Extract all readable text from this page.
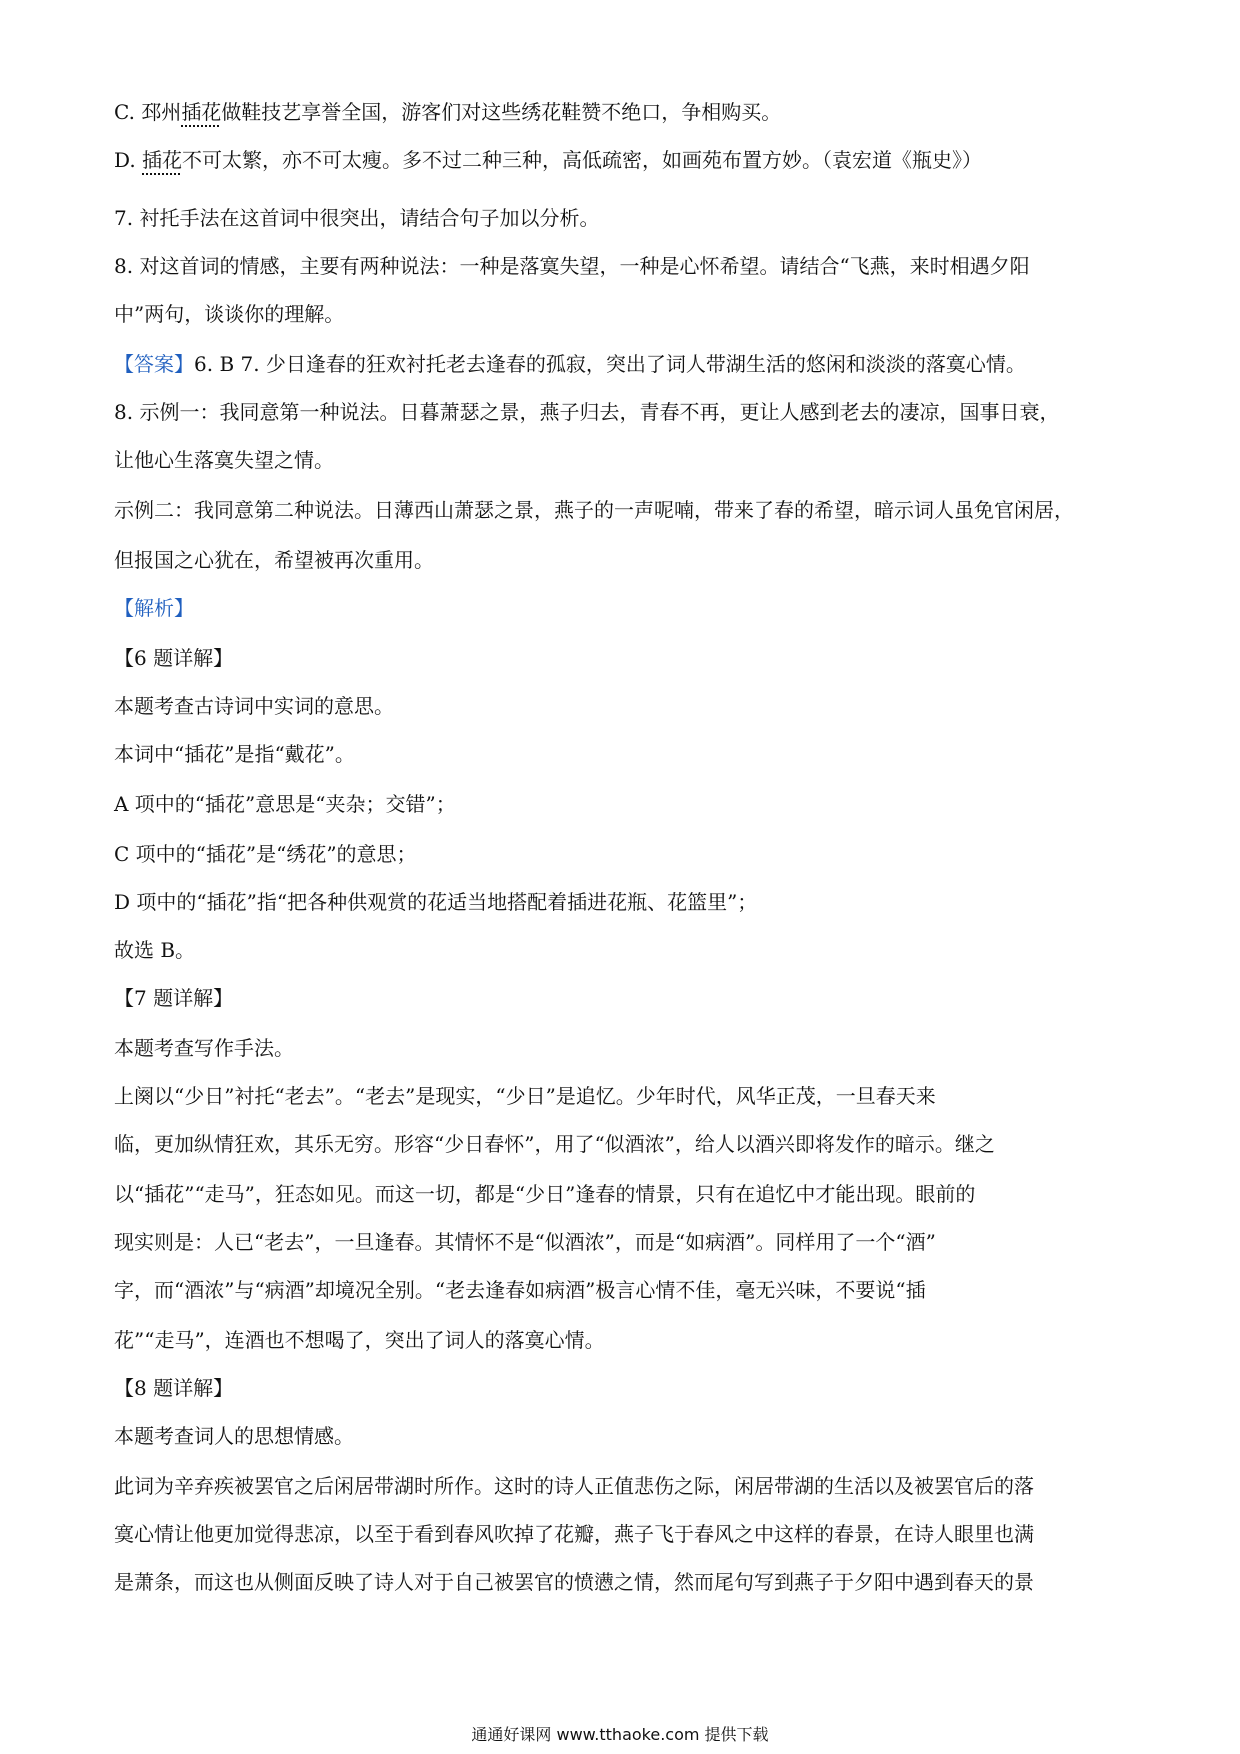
C. 邳州插花做鞋技艺享誉全国，游客们对这些绣花鞋赞不绝口，争相购买。
D. 插花不可太繁，亦不可太瘦。多不过二种三种，高低疏密，如画苑布置方妙。（袁宏道《瓶史》）
7. 衬托手法在这首词中很突出，请结合句子加以分析。
8. 对这首词的情感，主要有两种说法：一种是落寞失望，一种是心怀希望。请结合“飞燕，来时相遇夕阳
中”两句，谈谈你的理解。
【答案】6. B 7. 少日逢春的狂欢衬托老去逢春的孤寂，突出了词人带湖生活的悠闲和淡淡的落寞心情。
8. 示例一：我同意第一种说法。日暮萧瑟之景，燕子归去，青春不再，更让人感到老去的凄凉，国事日衰，
让他心生落寞失望之情。
示例二：我同意第二种说法。日薄西山萧瑟之景，燕子的一声呢喃，带来了春的希望，暗示词人虽免官闲居，
但报国之心犹在，希望被再次重用。
【解析】
【6 题详解】
本题考查古诗词中实词的意思。
本词中“插花”是指“戴花”。
A 项中的“插花”意思是“夹杂；交错”；
C 项中的“插花”是“绣花”的意思；
D 项中的“插花”指“把各种供观赏的花适当地搭配着插进花瓶、花篮里”；
故选 B。
【7 题详解】
本题考查写作手法。
上阕以“少日”衬托“老去”。“老去”是现实，“少日”是追忆。少年时代，风华正茂，一旦春天来
临，更加纵情狂欢，其乐无穷。形容“少日春怀”，用了“似酒浓”，给人以酒兴即将发作的暗示。继之
以“插花”“走马”，狂态如见。而这一切，都是“少日”逢春的情景，只有在追忆中才能出现。眼前的
现实则是：人已“老去”，一旦逢春。其情怀不是“似酒浓”，而是“如病酒”。同样用了一个“酒”
字，而“酒浓”与“病酒”却境况全别。“老去逢春如病酒”极言心情不佳，毫无兴味，不要说“插
花”“走马”，连酒也不想喝了，突出了词人的落寞心情。
【8 题详解】
本题考查词人的思想情感。
此词为辛弃疾被罢官之后闲居带湖时所作。这时的诗人正值悲伤之际，闲居带湖的生活以及被罢官后的落
寞心情让他更加觉得悲凉，以至于看到春风吹掉了花瓣，燕子飞于春风之中这样的春景，在诗人眼里也满
是萧条，而这也从侧面反映了诗人对于自己被罢官的愤懑之情，然而尾句写到燕子于夕阳中遇到春天的景
通通好课网 www.tthaoke.com 提供下载
